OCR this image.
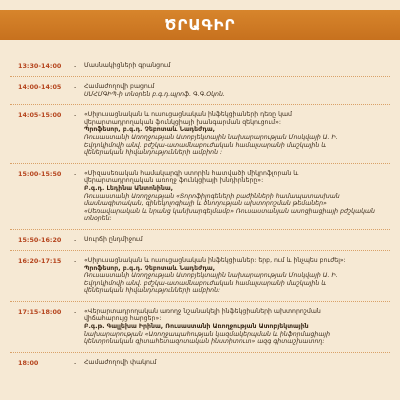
ԾՐԱԳԻՐ
13:30-14:00	-	Մասնակիցների գրանցում
14:00-14:05	-	Համաժողովի բացում
ՍՄՀՄԳԻՊ-ի տնօրեն բ.գ.դ.պրոֆ. Գ.Գ.Օկոն.
14:05-15:00	-	«Սիլուսացնական և ուսուցացնական ինֆեկցիաների դեռը կամ
վերարտադրողական ֆունկցիայի խանգարման զեկուցում»:
Պրոֆեսոր, բ.գ.դ. Չեբոտաև Նադեժդա,
Ռուսաստանի Առողջության Ատոբյեկտային նախարարության Մոսկվայի Ա. Ի.
Եվդոկիմովի անվ. բժշկա-ատամնաբուժական համալսարանի մաշկային և
վեներական հիվանդությունների ամբիոն :
15:00-15:50	-	«Միզասեռական համակարգի ստորին հատվածի միկրոֆլորան և
վերարտադրողական առողջ ֆունկցիայի խնդիրները»:
Բ.գ.դ. Լեդինա Անտոնինա,
Ռուսաստանի Առողջության «Տորոֆիլոգեների բաժինների համապատասխան
մասնագիտական, գինեկոլոգիայի և ծնողության ախտորոշման թեմաներ»
«Սեռավարական և նրանց կանխարգելմամբ» Ռուսաստանյան ասոցիացիայի բժշկական
տնօրեն:
15:50-16:20	-	Սուրճի ընդմիջում
16:20-17:15	-	«Սիլուսացնական և ուսուցացնական ինֆեկցիաներ: երբ, ում և ինչպես բուժել»:
Պրոֆեսոր, բ.գ.դ. Չեբոտաև Նադեժդա,
Ռուսաստանի Առողջության Ատոբյեկտային նախարարության Մոսկվայի Ա. Ի.
Եվդոկիմովի անվ. բժշկա-ատամնաբուժական համալսարանի մաշկային և
վեներական հիվանդությունների ամբիոն:
17:15-18:00	-	«Վերարտադրողական առողջ նշանակելի ինֆեկցիաների ախտորոշման
վիճահարույց հարցեր»:
Բ.գ.թ. Գալլեխա Իրինա, Ռուսաստանի Առողջության Ատոբյեկտային
նախարարության «Առողջապահության կազմակերպման և ինֆորմացիայի
կենտրոնական գիտահետազոտական ինստիտուտ» ազգ գիտաշխատող:
18:00	-	Համաժողովի փակում
